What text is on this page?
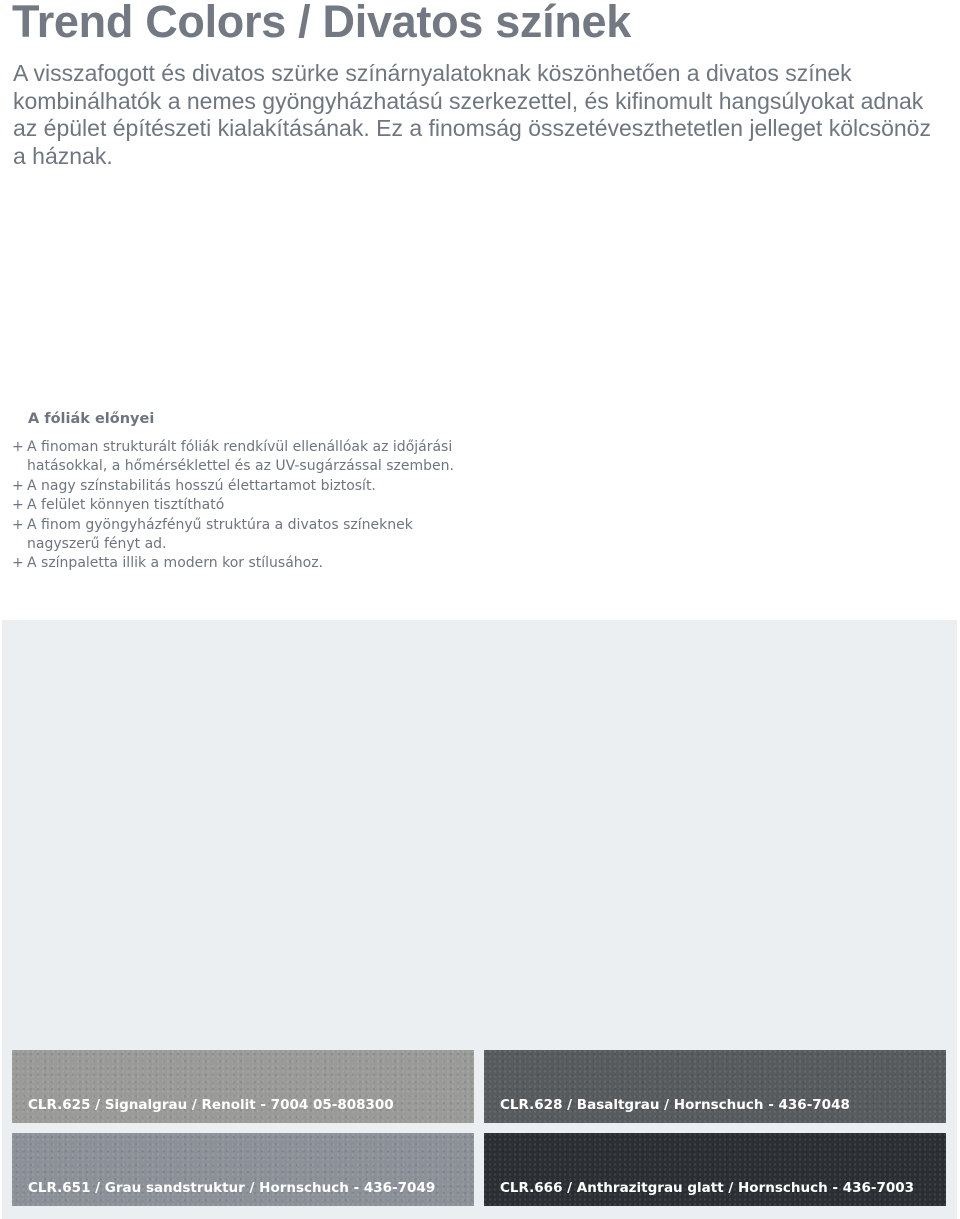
Trend Colors / Divatos színek

A visszafogott és divatos szürke színárnyalatoknak köszönhetően a divatos színek kombinálhatók a nemes gyöngyházhatású szerkezettel, és kifinomult hangsúlyokat adnak az épület építészeti kialakításának. Ez a finomság összetéveszthetetlen jelleget kölcsönöz a háznak.

A fóliák előnyei
+ A finoman strukturált fóliák rendkívül ellenállóak az időjárási hatásokkal, a hőmérséklettel és az UV-sugárzással szemben.
+ A nagy színstabilitás hosszú élettartamot biztosít.
+ A felület könnyen tisztítható
+ A finom gyöngyházfényű struktúra a divatos színeknek nagyszerű fényt ad.
+ A színpaletta illik a modern kor stílusához.
CLR.625 / Signalgrau / Renolit - 7004 05-808300	CLR.628 / Basaltgrau / Hornschuch - 436-7048
CLR.651 / Grau sandstruktur / Hornschuch - 436-7049	CLR.666 / Anthrazitgrau glatt / Hornschuch - 436-7003
